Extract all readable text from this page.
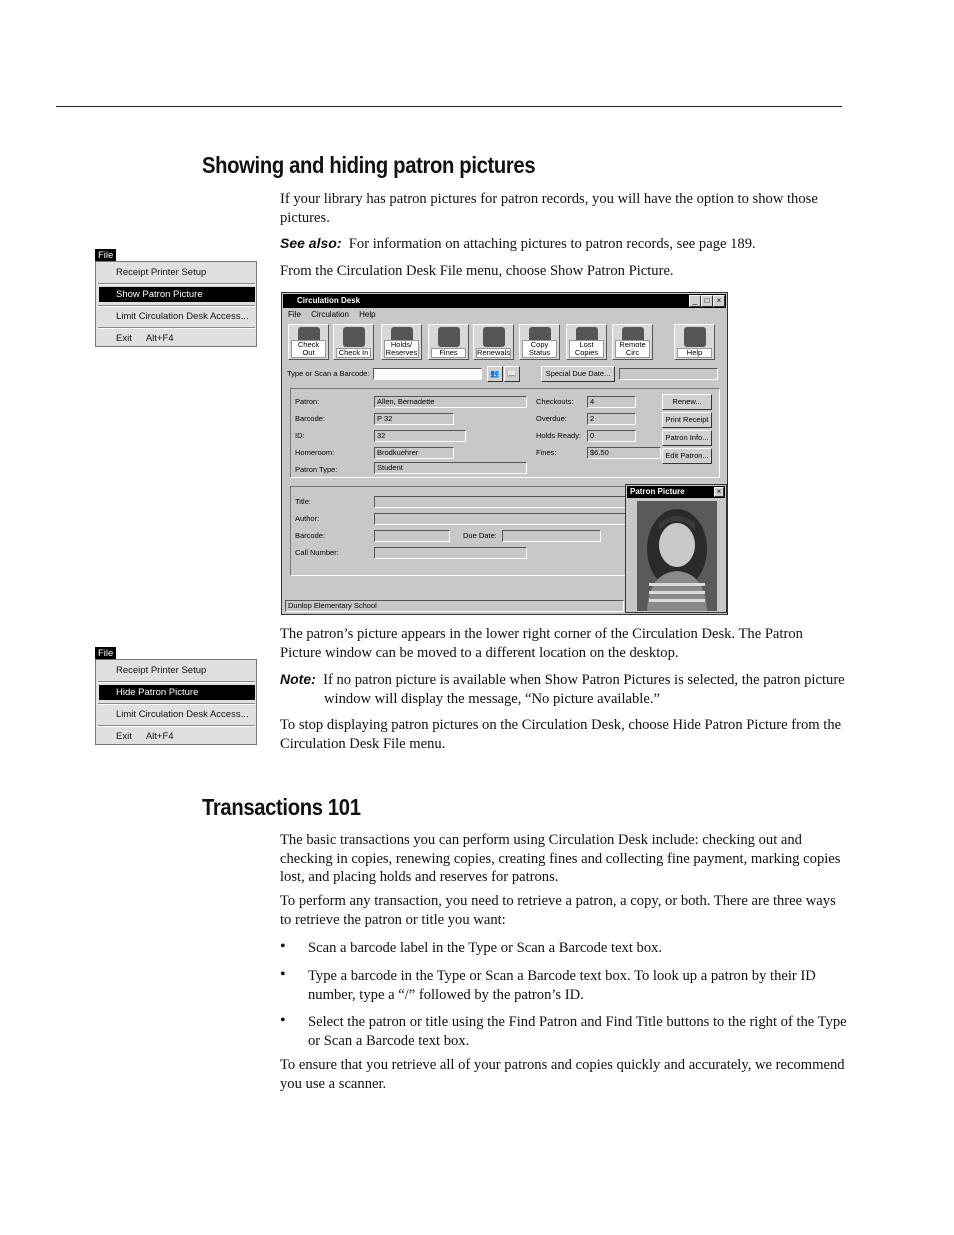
Showing and hiding patron pictures
If your library has patron pictures for patron records, you will have the option to show those pictures.
See also: For information on attaching pictures to patron records, see page 189.
From the Circulation Desk File menu, choose Show Patron Picture.
File
Receipt Printer Setup
Show Patron Picture
Limit Circulation Desk Access...
Exit Alt+F4
Circulation Desk	_ □ ×
File Circulation Help
Check Out	Check In
Holds/ Reserves	Fines	Renewals
Copy Status
Lost Copies
Remote Circ	Help
Type or Scan a Barcode:	👥	📖	Special Due Date...
Patron:	Allen, Bernadette
Barcode:	P 32
ID:	32
Homeroom:	Brodkuehrer
Patron Type:	Student
Checkouts:	4
Overdue:	2
Holds Ready:	0
Fines:	$6.50
Renew...
Print Receipt
Patron Info...
Edit Patron...
Title:
Author:
Barcode:	Due Date:
Call Number:
Dunlop Elementary School
Patron Picture	×
The patron’s picture appears in the lower right corner of the Circulation Desk. The Patron Picture window can be moved to a different location on the desktop.
Note: If no patron picture is available when Show Patron Pictures is selected, the patron picture window will display the message, “No picture available.”
To stop displaying patron pictures on the Circulation Desk, choose Hide Patron Picture from the Circulation Desk File menu.
File
Receipt Printer Setup
Hide Patron Picture
Limit Circulation Desk Access...
Exit Alt+F4
Transactions 101
The basic transactions you can perform using Circulation Desk include: checking out and checking in copies, renewing copies, creating fines and collecting fine payment, marking copies lost, and placing holds and reserves for patrons.
To perform any transaction, you need to retrieve a patron, a copy, or both. There are three ways to retrieve the patron or title you want:
• Scan a barcode label in the Type or Scan a Barcode text box.
• Type a barcode in the Type or Scan a Barcode text box. To look up a patron by their ID number, type a “/” followed by the patron’s ID.
• Select the patron or title using the Find Patron and Find Title buttons to the right of the Type or Scan a Barcode text box.
To ensure that you retrieve all of your patrons and copies quickly and accurately, we recommend you use a scanner.
